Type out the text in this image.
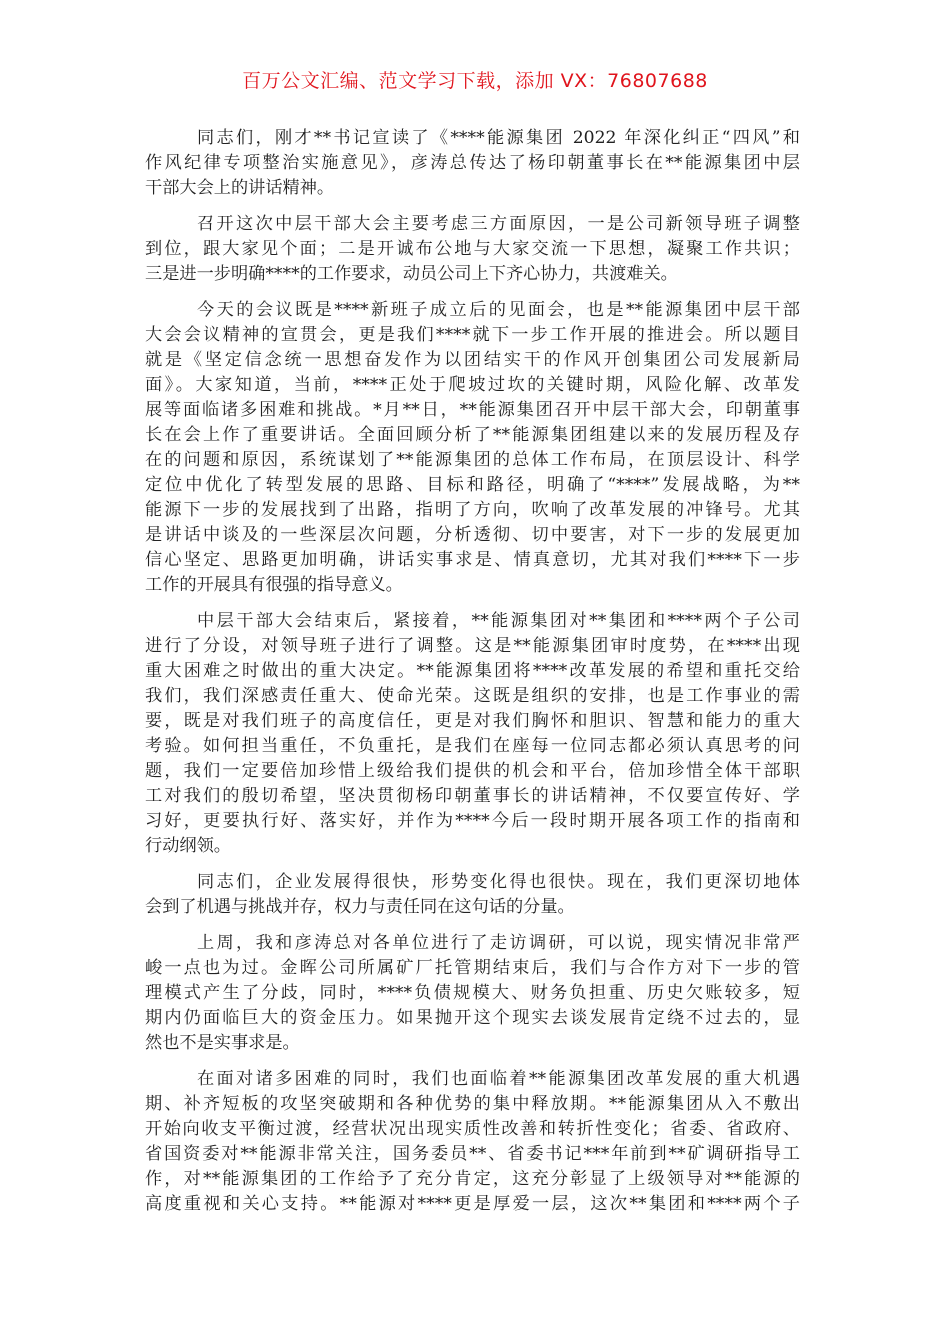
百万公文汇编、范文学习下载，添加 VX：76807688
同志们，刚才**书记宣读了《****能源集团 2022 年深化纠正“四风”和
作风纪律专项整治实施意见》，彦涛总传达了杨印朝董事长在**能源集团中层
干部大会上的讲话精神。
召开这次中层干部大会主要考虑三方面原因，一是公司新领导班子调整
到位，跟大家见个面；二是开诚布公地与大家交流一下思想，凝聚工作共识；
三是进一步明确****的工作要求，动员公司上下齐心协力，共渡难关。
今天的会议既是****新班子成立后的见面会，也是**能源集团中层干部
大会会议精神的宣贯会，更是我们****就下一步工作开展的推进会。所以题目
就是《坚定信念统一思想奋发作为以团结实干的作风开创集团公司发展新局
面》。大家知道，当前，****正处于爬坡过坎的关键时期，风险化解、改革发
展等面临诸多困难和挑战。*月**日，**能源集团召开中层干部大会，印朝董事
长在会上作了重要讲话。全面回顾分析了**能源集团组建以来的发展历程及存
在的问题和原因，系统谋划了**能源集团的总体工作布局，在顶层设计、科学
定位中优化了转型发展的思路、目标和路径，明确了“****”发展战略，为**
能源下一步的发展找到了出路，指明了方向，吹响了改革发展的冲锋号。尤其
是讲话中谈及的一些深层次问题，分析透彻、切中要害，对下一步的发展更加
信心坚定、思路更加明确，讲话实事求是、情真意切，尤其对我们****下一步
工作的开展具有很强的指导意义。
中层干部大会结束后，紧接着，**能源集团对**集团和****两个子公司
进行了分设，对领导班子进行了调整。这是**能源集团审时度势，在****出现
重大困难之时做出的重大决定。**能源集团将****改革发展的希望和重托交给
我们，我们深感责任重大、使命光荣。这既是组织的安排，也是工作事业的需
要，既是对我们班子的高度信任，更是对我们胸怀和胆识、智慧和能力的重大
考验。如何担当重任，不负重托，是我们在座每一位同志都必须认真思考的问
题，我们一定要倍加珍惜上级给我们提供的机会和平台，倍加珍惜全体干部职
工对我们的殷切希望，坚决贯彻杨印朝董事长的讲话精神，不仅要宣传好、学
习好，更要执行好、落实好，并作为****今后一段时期开展各项工作的指南和
行动纲领。
同志们，企业发展得很快，形势变化得也很快。现在，我们更深切地体
会到了机遇与挑战并存，权力与责任同在这句话的分量。
上周，我和彦涛总对各单位进行了走访调研，可以说，现实情况非常严
峻一点也为过。金晖公司所属矿厂托管期结束后，我们与合作方对下一步的管
理模式产生了分歧，同时，****负债规模大、财务负担重、历史欠账较多，短
期内仍面临巨大的资金压力。如果抛开这个现实去谈发展肯定绕不过去的，显
然也不是实事求是。
在面对诸多困难的同时，我们也面临着**能源集团改革发展的重大机遇
期、补齐短板的攻坚突破期和各种优势的集中释放期。**能源集团从入不敷出
开始向收支平衡过渡，经营状况出现实质性改善和转折性变化；省委、省政府、
省国资委对**能源非常关注，国务委员**、省委书记***年前到**矿调研指导工
作，对**能源集团的工作给予了充分肯定，这充分彰显了上级领导对**能源的
高度重视和关心支持。**能源对****更是厚爱一层，这次**集团和****两个子
